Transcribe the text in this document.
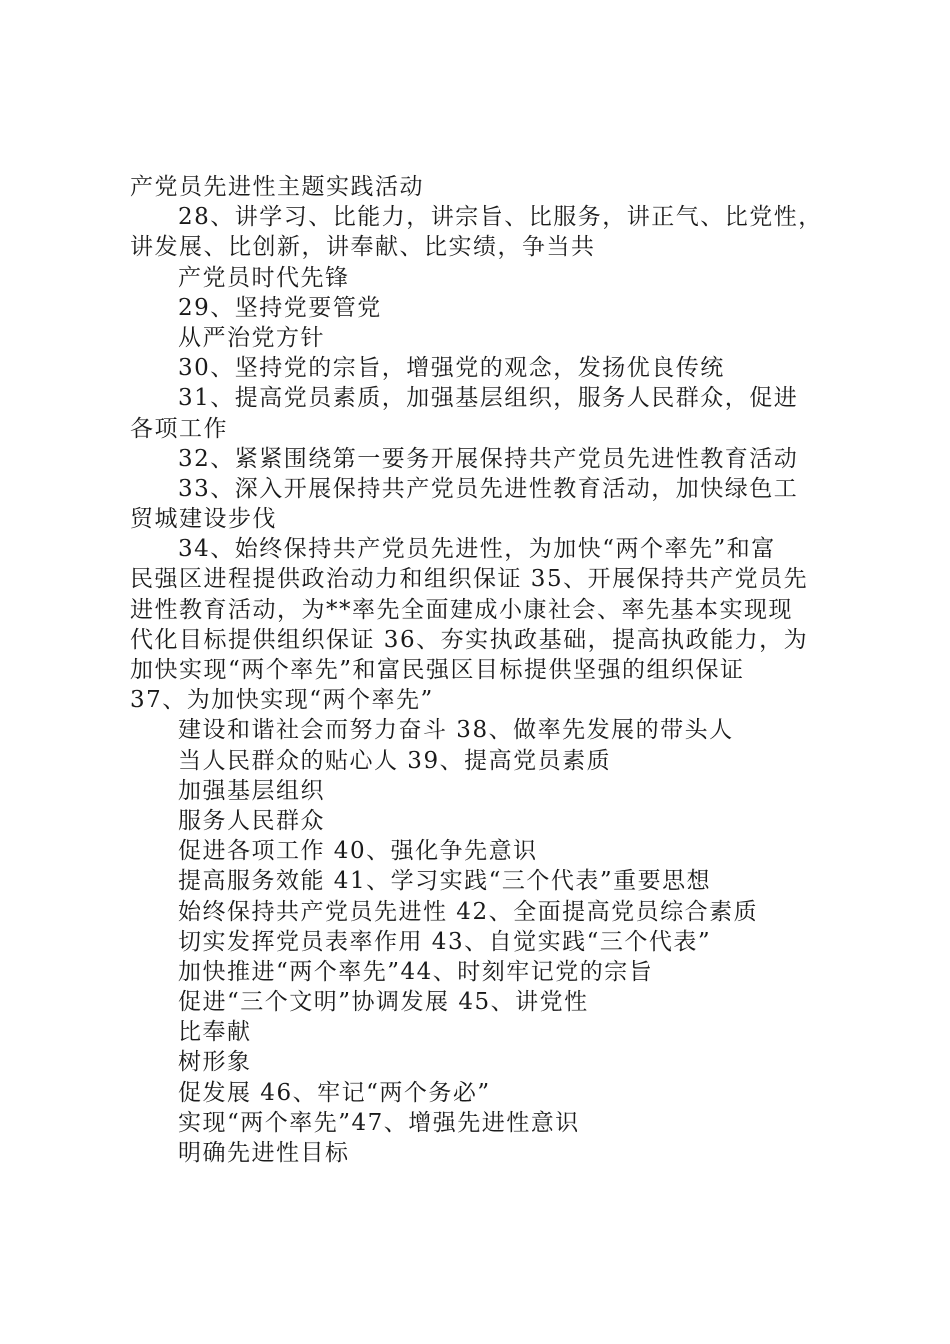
产党员先进性主题实践活动
28、讲学习、比能力，讲宗旨、比服务，讲正气、比党性，
讲发展、比创新，讲奉献、比实绩，争当共
产党员时代先锋
29、坚持党要管党
从严治党方针
30、坚持党的宗旨，增强党的观念，发扬优良传统
31、提高党员素质，加强基层组织，服务人民群众，促进
各项工作
32、紧紧围绕第一要务开展保持共产党员先进性教育活动
33、深入开展保持共产党员先进性教育活动，加快绿色工
贸城建设步伐
34、始终保持共产党员先进性，为加快“两个率先”和富
民强区进程提供政治动力和组织保证 35、开展保持共产党员先
进性教育活动，为**率先全面建成小康社会、率先基本实现现
代化目标提供组织保证 36、夯实执政基础，提高执政能力，为
加快实现“两个率先”和富民强区目标提供坚强的组织保证
37、为加快实现“两个率先”
建设和谐社会而努力奋斗 38、做率先发展的带头人
当人民群众的贴心人 39、提高党员素质
加强基层组织
服务人民群众
促进各项工作 40、强化争先意识
提高服务效能 41、学习实践“三个代表”重要思想
始终保持共产党员先进性 42、全面提高党员综合素质
切实发挥党员表率作用 43、自觉实践“三个代表”
加快推进“两个率先”44、时刻牢记党的宗旨
促进“三个文明”协调发展 45、讲党性
比奉献
树形象
促发展 46、牢记“两个务必”
实现“两个率先”47、增强先进性意识
明确先进性目标
